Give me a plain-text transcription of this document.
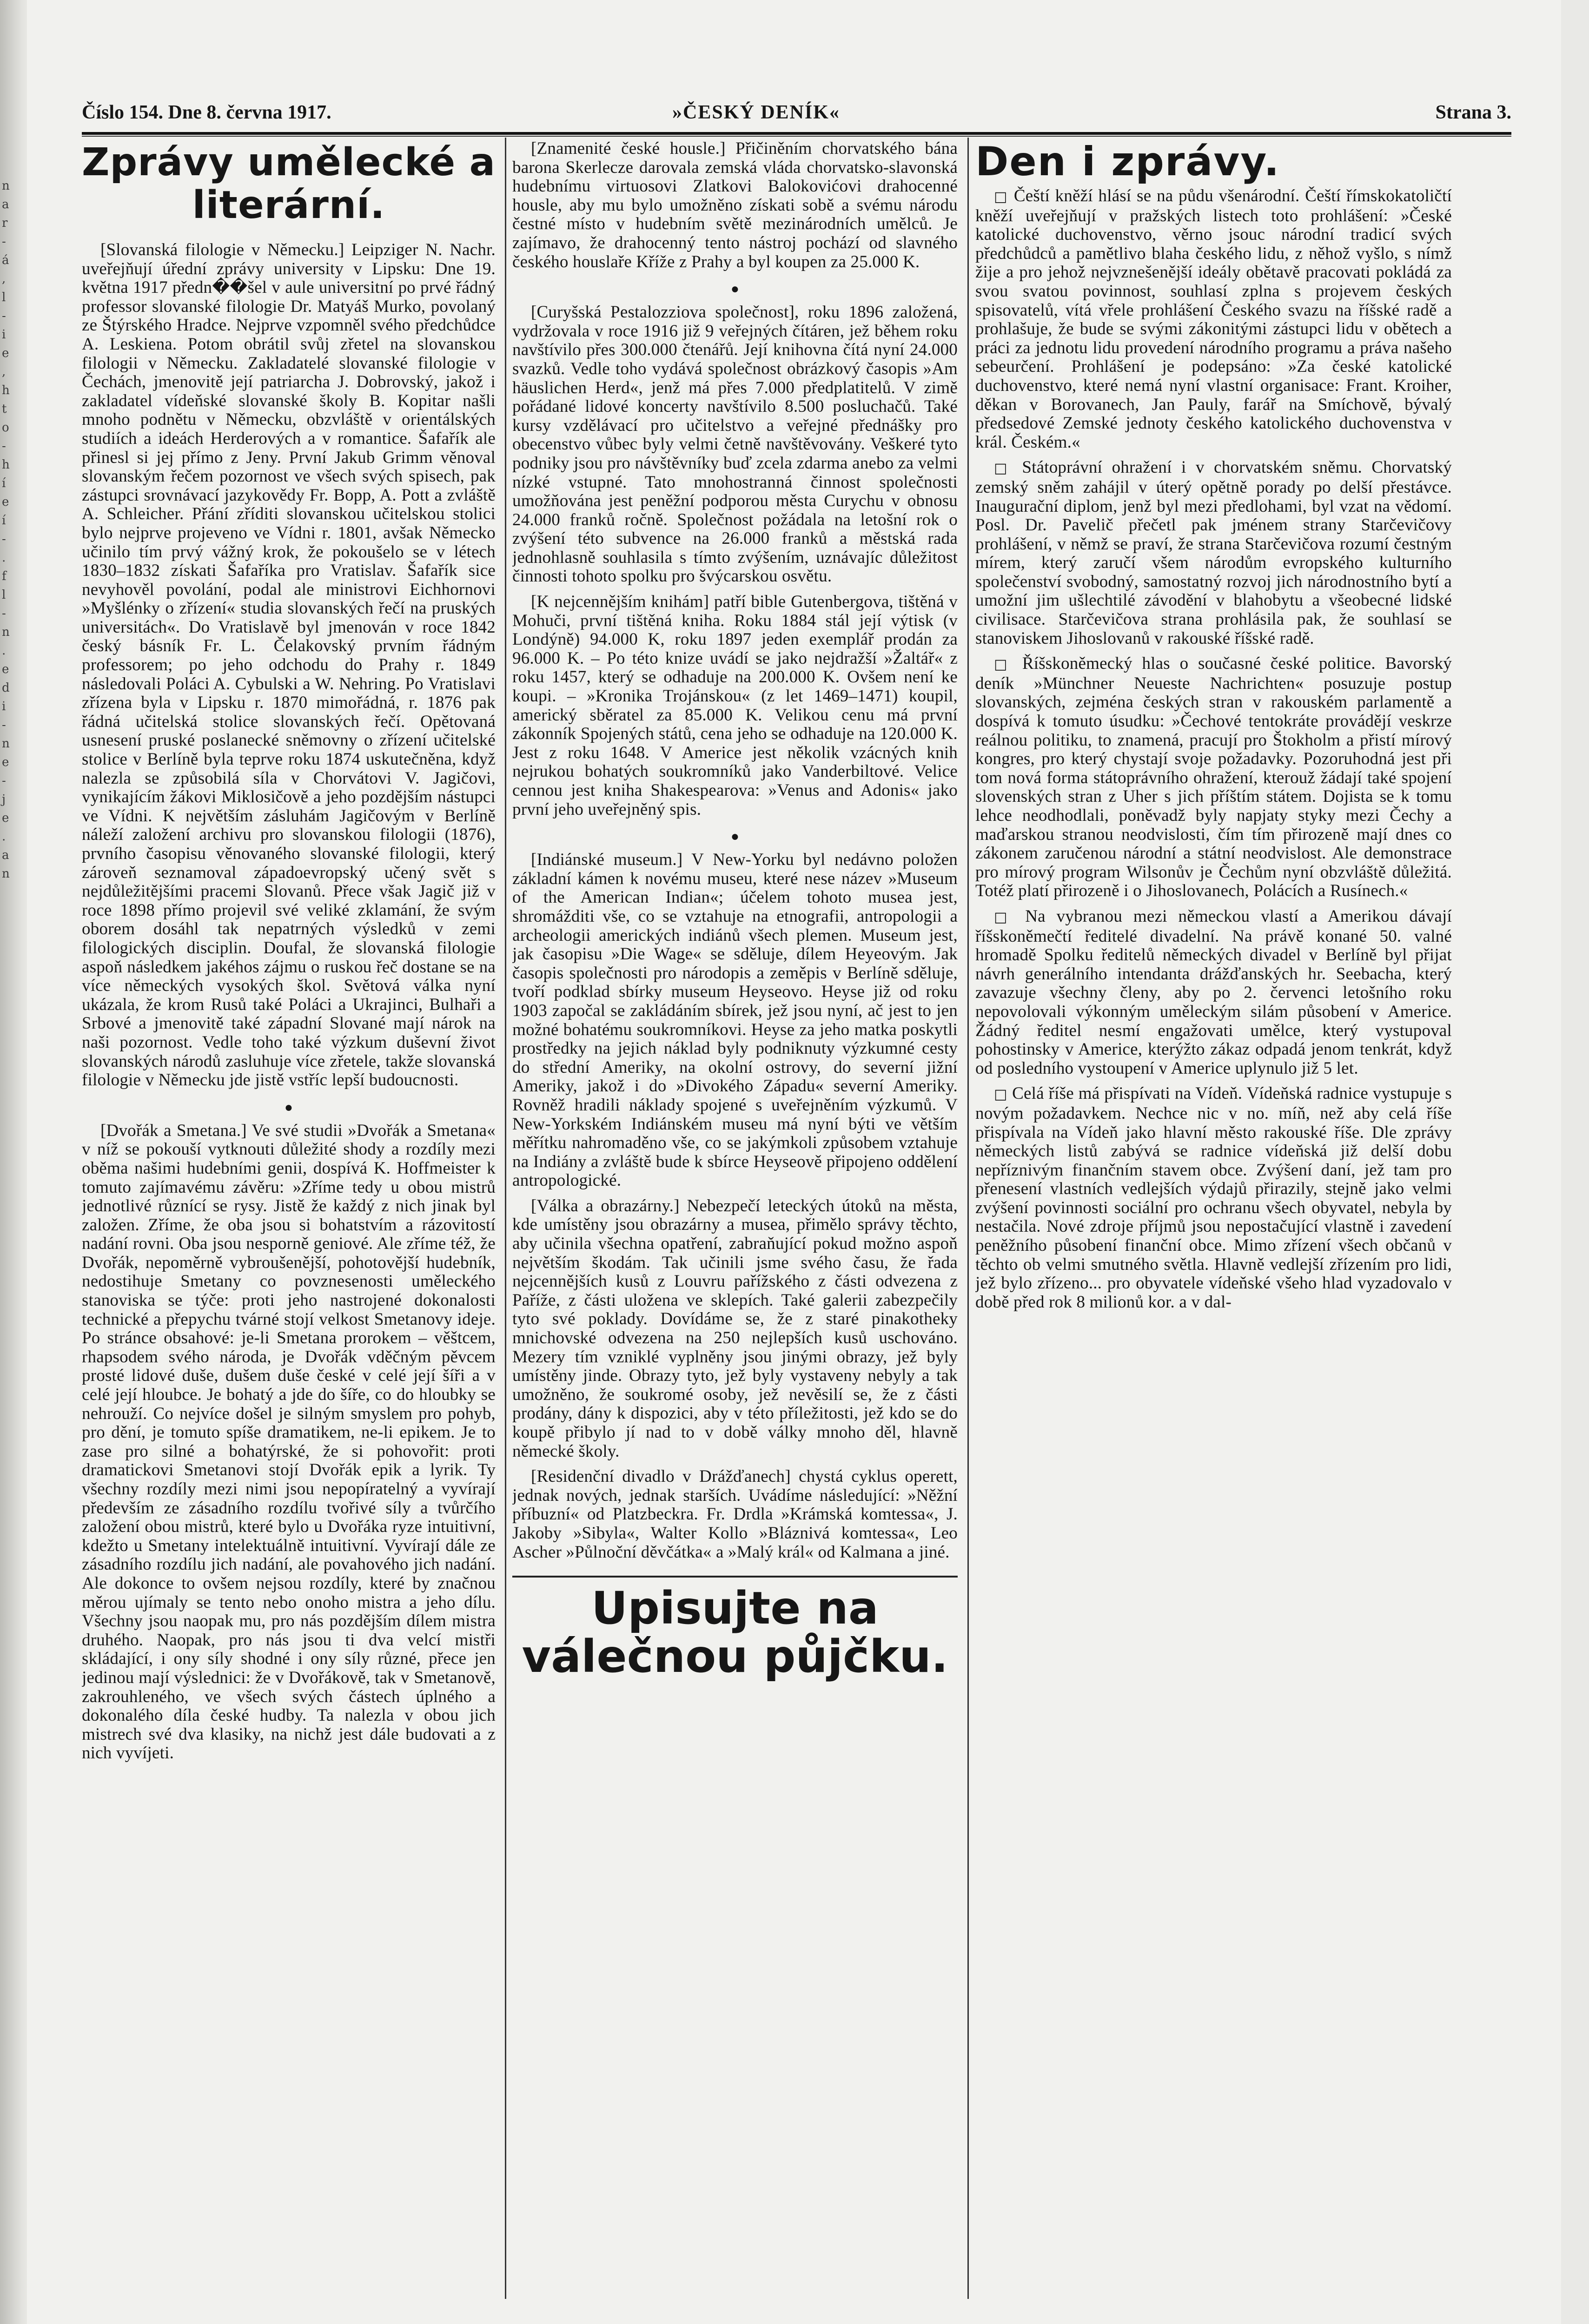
n
a
r
-
á
,
l
-
i
e
,
h
t
o
-
h
í
e
í
-
.
f
l
-
n
.
e
d
i
-
n
e
-
j
e
.
a
n
Číslo 154. Dne 8. června 1917.	»ČESKÝ DENÍK«	Strana 3.
Zprávy umělecké a literární.

[Slovanská filologie v Německu.] Leipziger N. Nachr. uveřejňují úřední zprávy university v Lipsku: Dne 19. května 1917 předn��šel v aule universitní po prvé řádný professor slovanské filologie Dr. Matyáš Murko, povolaný ze Štýrského Hradce. Nejprve vzpomněl svého předchůdce A. Leskiena. Potom obrátil svůj zřetel na slovanskou filologii v Německu. Zakladatelé slovanské filologie v Čechách, jmenovitě její patriarcha J. Dobrovský, jakož i zakladatel vídeňské slovanské školy B. Kopitar našli mnoho podnětu v Německu, obzvláště v orientálských studiích a ideách Herderových a v romantice. Šafařík ale přinesl si jej přímo z Jeny. První Jakub Grimm věnoval slovanským řečem pozornost ve všech svých spisech, pak zástupci srovnávací jazykovědy Fr. Bopp, A. Pott a zvláště A. Schleicher. Přání zříditi slovanskou učitelskou stolici bylo nejprve projeveno ve Vídni r. 1801, avšak Německo učinilo tím prvý vážný krok, že pokoušelo se v létech 1830–1832 získati Šafaříka pro Vratislav. Šafařík sice nevyhověl povolání, podal ale ministrovi Eichhornovi »Myšlénky o zřízení« studia slovanských řečí na pruských universitách«. Do Vratislavě byl jmenován v roce 1842 český básník Fr. L. Čelakovský prvním řádným professorem; po jeho odchodu do Prahy r. 1849 následovali Poláci A. Cybulski a W. Nehring. Po Vratislavi zřízena byla v Lipsku r. 1870 mimořádná, r. 1876 pak řádná učitelská stolice slovanských řečí. Opětovaná usnesení pruské poslanecké sněmovny o zřízení učitelské stolice v Berlíně byla teprve roku 1874 uskutečněna, když nalezla se způsobilá síla v Chorvátovi V. Jagičovi, vynikajícím žákovi Miklosičově a jeho pozdějším nástupci ve Vídni. K největším zásluhám Jagičovým v Berlíně náleží založení archivu pro slovanskou filologii (1876), prvního časopisu věnovaného slovanské filologii, který zároveň seznamoval západoevropský učený svět s nejdůležitějšími pracemi Slovanů. Přece však Jagič již v roce 1898 přímo projevil své veliké zklamání, že svým oborem dosáhl tak nepatrných výsledků v zemi filologických disciplin. Doufal, že slovanská filologie aspoň následkem jakéhos zájmu o ruskou řeč dostane se na více německých vysokých škol. Světová válka nyní ukázala, že krom Rusů také Poláci a Ukrajinci, Bulhaři a Srbové a jmenovitě také západní Slované mají nárok na naši pozornost. Vedle toho také výzkum duševní život slovanských národů zasluhuje více zřetele, takže slovanská filologie v Německu jde jistě vstříc lepší budoucnosti.

●

[Dvořák a Smetana.] Ve své studii »Dvořák a Smetana« v níž se pokouší vytknouti důležité shody a rozdíly mezi oběma našimi hudebními genii, dospívá K. Hoffmeister k tomuto zajímavému závěru: »Zříme tedy u obou mistrů jednotlivé různící se rysy. Jistě že každý z nich jinak byl založen. Zříme, že oba jsou si bohatstvím a rázovitostí nadání rovni. Oba jsou nesporně geniové. Ale zříme též, že Dvořák, nepoměrně vybroušenější, pohotovější hudebník, nedostihuje Smetany co povznesenosti uměleckého stanoviska se týče: proti jeho nastrojené dokonalosti technické a přepychu tvárné stojí velkost Smetanovy ideje. Po stránce obsahové: je-li Smetana prorokem – věštcem, rhapsodem svého národa, je Dvořák vděčným pěvcem prosté lidové duše, dušem duše české v celé její šíři a v celé její hloubce. Je bohatý a jde do šíře, co do hloubky se nehrouží. Co nejvíce došel je silným smyslem pro pohyb, pro dění, je tomuto spíše dramatikem, ne-li epikem. Je to zase pro silné a bohatýrské, že si pohovořit: proti dramatickovi Smetanovi stojí Dvořák epik a lyrik. Ty všechny rozdíly mezi nimi jsou nepopíratelný a vyvírají především ze zásadního rozdílu tvořivé síly a tvůrčího založení obou mistrů, které bylo u Dvořáka ryze intuitivní, kdežto u Smetany intelektuálně intuitivní. Vyvírají dále ze zásadního rozdílu jich nadání, ale povahového jich nadání. Ale dokonce to ovšem nejsou rozdíly, které by značnou měrou ujímaly se tento nebo onoho mistra a jeho dílu. Všechny jsou naopak mu, pro nás pozdějším dílem mistra druhého. Naopak, pro nás jsou ti dva velcí mistři skládající, i ony síly shodné i ony síly různé, přece jen jedinou mají výslednici: že v Dvořákově, tak v Smetanově, zakrouhleného, ve všech svých částech úplného a dokonalého díla české hudby. Ta nalezla v obou jich mistrech své dva klasiky, na nichž jest dále budovati a z nich vyvíjeti.

[Znamenité české housle.] Přičiněním chorvatského bána barona Skerlecze darovala zemská vláda chorvatsko-slavonská hudebnímu virtuosovi Zlatkovi Balokovićovi drahocenné housle, aby mu bylo umožněno získati sobě a svému národu čestné místo v hudebním světě mezinárodních umělců. Je zajímavo, že drahocenný tento nástroj pochází od slavného českého houslaře Kříže z Prahy a byl koupen za 25.000 K.

●

[Curyšská Pestalozziova společnost], roku 1896 založená, vydržovala v roce 1916 již 9 veřejných čítáren, jež během roku navštívilo přes 300.000 čtenářů. Její knihovna čítá nyní 24.000 svazků. Vedle toho vydává společnost obrázkový časopis »Am häuslichen Herd«, jenž má přes 7.000 předplatitelů. V zimě pořádané lidové koncerty navštívilo 8.500 posluchačů. Také kursy vzdělávací pro učitelstvo a veřejné přednášky pro obecenstvo vůbec byly velmi četně navštěvovány. Veškeré tyto podniky jsou pro návštěvníky buď zcela zdarma anebo za velmi nízké vstupné. Tato mnohostranná činnost společnosti umožňována jest peněžní podporou města Curychu v obnosu 24.000 franků ročně. Společnost požádala na letošní rok o zvýšení této subvence na 26.000 franků a městská rada jednohlasně souhlasila s tímto zvýšením, uznávajíc důležitost činnosti tohoto spolku pro švýcarskou osvětu.

[K nejcennějším knihám] patří bible Gutenbergova, tištěná v Mohuči, první tištěná kniha. Roku 1884 stál její výtisk (v Londýně) 94.000 K, roku 1897 jeden exemplář prodán za 96.000 K. – Po této knize uvádí se jako nejdražší »Žaltář« z roku 1457, který se odhaduje na 200.000 K. Ovšem není ke koupi. – »Kronika Trojánskou« (z let 1469–1471) koupil, americký sběratel za 85.000 K. Velikou cenu má první zákonník Spojených států, cena jeho se odhaduje na 120.000 K. Jest z roku 1648. V Americe jest několik vzácných knih nejrukou bohatých soukromníků jako Vanderbiltové. Velice cennou jest kniha Shakespearova: »Venus and Adonis« jako první jeho uveřejněný spis.

●

[Indiánské museum.] V New-Yorku byl nedávno položen základní kámen k novému museu, které nese název »Museum of the American Indian«; účelem tohoto musea jest, shromážditi vše, co se vztahuje na etnografii, antropologii a archeologii amerických indiánů všech plemen. Museum jest, jak časopisu »Die Wage« se sděluje, dílem Heyeovým. Jak časopis společnosti pro národopis a zeměpis v Berlíně sděluje, tvoří podklad sbírky museum Heyseovo. Heyse již od roku 1903 započal se zakládáním sbírek, jež jsou nyní, ač jest to jen možné bohatému soukromníkovi. Heyse za jeho matka poskytli prostředky na jejich náklad byly podniknuty výzkumné cesty do střední Ameriky, na okolní ostrovy, do severní jižní Ameriky, jakož i do »Divokého Západu« severní Ameriky. Rovněž hradili náklady spojené s uveřejněním výzkumů. V New-Yorkském Indiánském museu má nyní býti ve větším měřítku nahromaděno vše, co se jakýmkoli způsobem vztahuje na Indiány a zvláště bude k sbírce Heyseově připojeno oddělení antropologické.

[Válka a obrazárny.] Nebezpečí leteckých útoků na města, kde umístěny jsou obrazárny a musea, přimělo správy těchto, aby učinila všechna opatření, zabraňující pokud možno aspoň největším škodám. Tak učinili jsme svého času, že řada nejcennějších kusů z Louvru pařížského z části odvezena z Paříže, z části uložena ve sklepích. Také galerii zabezpečily tyto své poklady. Dovídáme se, že z staré pinakotheky mnichovské odvezena na 250 nejlepších kusů uschováno. Mezery tím vzniklé vyplněny jsou jinými obrazy, jež byly umístěny jinde. Obrazy tyto, jež byly vystaveny nebyly a tak umožněno, že soukromé osoby, jež nevěsilí se, že z části prodány, dány k dispozici, aby v této příležitosti, jež kdo se do koupě přibylo jí nad to v době války mnoho děl, hlavně německé školy.

[Residenční divadlo v Drážďanech] chystá cyklus operett, jednak nových, jednak starších. Uvádíme následující: »Něžní příbuzní« od Platzbeckra. Fr. Drdla »Krámská komtessa«, J. Jakoby »Sibyla«, Walter Kollo »Bláznivá komtessa«, Leo Ascher »Půlnoční děvčátka« a »Malý král« od Kalmana a jiné.

Upisujte na válečnou půjčku.
Den i zprávy.

□ Čeští kněží hlásí se na půdu všenárodní. Čeští římskokatoličtí kněží uveřejňují v pražských listech toto prohlášení: »České katolické duchovenstvo, věrno jsouc národní tradicí svých předchůdců a pamětlivo blaha českého lidu, z něhož vyšlo, s nímž žije a pro jehož nejvznešenější ideály obětavě pracovati pokládá za svou svatou povinnost, souhlasí zplna s projevem českých spisovatelů, vítá vřele prohlášení Českého svazu na říšské radě a prohlašuje, že bude se svými zákonitými zástupci lidu v obětech a práci za jednotu lidu provedení národního programu a práva našeho sebeurčení. Prohlášení je podepsáno: »Za české katolické duchovenstvo, které nemá nyní vlastní organisace: Frant. Kroiher, děkan v Borovanech, Jan Pauly, farář na Smíchově, bývalý předsedové Zemské jednoty českého katolického duchovenstva v král. Českém.«

□ Státoprávní ohražení i v chorvatském sněmu. Chorvatský zemský sněm zahájil v úterý opětně porady po delší přestávce. Inaugurační diplom, jenž byl mezi předlohami, byl vzat na vědomí. Posl. Dr. Pavelič přečetl pak jménem strany Starčevičovy prohlášení, v němž se praví, že strana Starčevičova rozumí čestným mírem, který zaručí všem národům evropského kulturního společenství svobodný, samostatný rozvoj jich národnostního bytí a umožní jim ušlechtilé závodění v blahobytu a všeobecné lidské civilisace. Starčevičova strana prohlásila pak, že souhlasí se stanoviskem Jihoslovanů v rakouské říšské radě.

□ Říšskoněmecký hlas o současné české politice. Bavorský deník »Münchner Neueste Nachrichten« posuzuje postup slovanských, zejména českých stran v rakouském parlamentě a dospívá k tomuto úsudku: »Čechové tentokráte provádějí veskrze reálnou politiku, to znamená, pracují pro Štokholm a přistí mírový kongres, pro který chystají svoje požadavky. Pozoruhodná jest při tom nová forma státoprávního ohražení, kterouž žádají také spojení slovenských stran z Uher s jich příštím státem. Dojista se k tomu lehce neodhodlali, poněvadž byly napjaty styky mezi Čechy a maďarskou stranou neodvislosti, čím tím přirozeně mají dnes co zákonem zaručenou národní a státní neodvislost. Ale demonstrace pro mírový program Wilsonův je Čechům nyní obzvláště důležitá. Totéž platí přirozeně i o Jihoslovanech, Polácích a Rusínech.«

□ Na vybranou mezi německou vlastí a Amerikou dávají říšskoněmečtí ředitelé divadelní. Na právě konané 50. valné hromadě Spolku ředitelů německých divadel v Berlíně byl přijat návrh generálního intendanta drážďanských hr. Seebacha, který zavazuje všechny členy, aby po 2. červenci letošního roku nepovolovali výkonným uměleckým silám působení v Americe. Žádný ředitel nesmí engažovati umělce, který vystupoval pohostinsky v Americe, kterýžto zákaz odpadá jenom tenkrát, když od posledního vystoupení v Americe uplynulo již 5 let.

□ Celá říše má přispívati na Vídeň. Vídeňská radnice vystupuje s novým požadavkem. Nechce nic v no. míň, než aby celá říše přispívala na Vídeň jako hlavní město rakouské říše. Dle zprávy německých listů zabývá se radnice vídeňská již delší dobu nepříznivým finančním stavem obce. Zvýšení daní, jež tam pro přenesení vlastních vedlejších výdajů přirazily, stejně jako velmi zvýšení povinnosti sociální pro ochranu všech obyvatel, nebyla by nestačila. Nové zdroje příjmů jsou nepostačující vlastně i zavedení peněžního působení finanční obce. Mimo zřízení všech občanů v těchto ob velmi smutného světla. Hlavně vedlejší zřízením pro lidi, jež bylo zřízeno... pro obyvatele vídeňské všeho hlad vyzadovalo v době před rok 8 milionů kor. a v dal-
